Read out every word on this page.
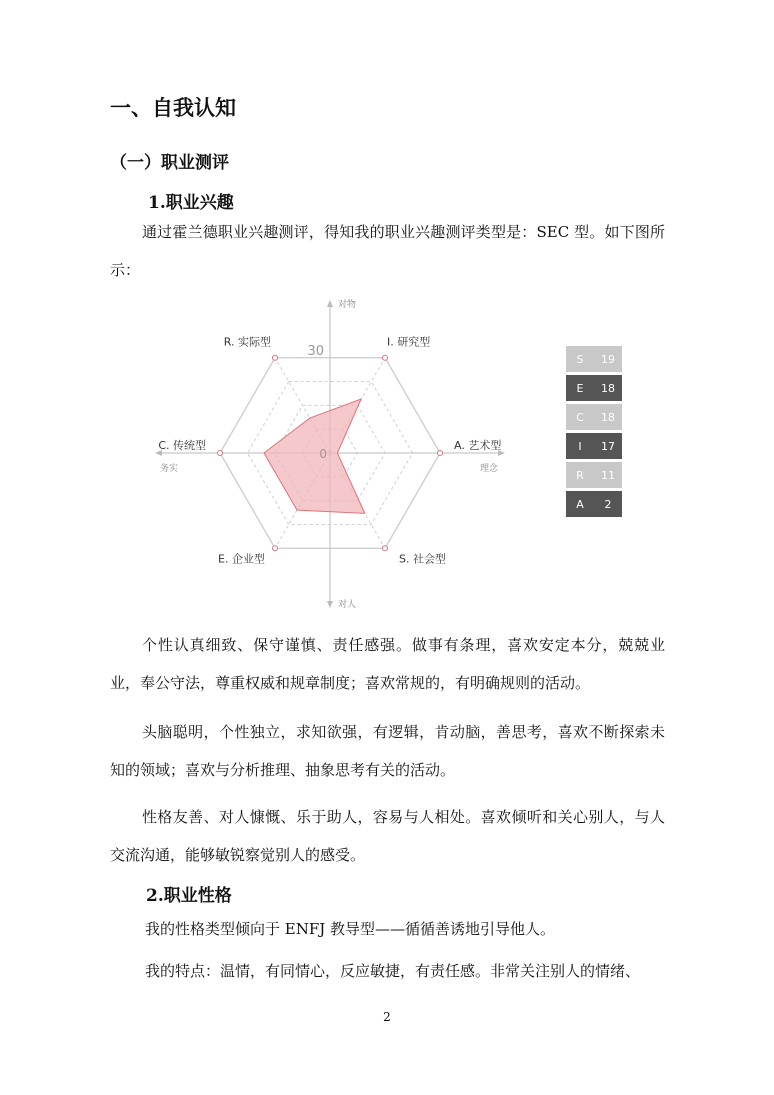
一、自我认知
（一）职业测评
1.职业兴趣

通过霍兰德职业兴趣测评，得知我的职业兴趣测评类型是：SEC 型。如下图所示：

R. 实际型	I. 研究型
A. 艺术型
S. 社会型
E. 企业型
C. 传统型
30
0
对物
对人
务实	理念
S	19
E	18
C	18
I	17
R	11
A	2

个性认真细致、保守谨慎、责任感强。做事有条理，喜欢安定本分，兢兢业业，奉公守法，尊重权威和规章制度；喜欢常规的，有明确规则的活动。

头脑聪明，个性独立，求知欲强，有逻辑，肯动脑，善思考，喜欢不断探索未知的领域；喜欢与分析推理、抽象思考有关的活动。

性格友善、对人慷慨、乐于助人，容易与人相处。喜欢倾听和关心别人，与人交流沟通，能够敏锐察觉别人的感受。

2.职业性格
我的性格类型倾向于 ENFJ 教导型——循循善诱地引导他人。
我的特点：温情，有同情心，反应敏捷，有责任感。非常关注别人的情绪、
2
